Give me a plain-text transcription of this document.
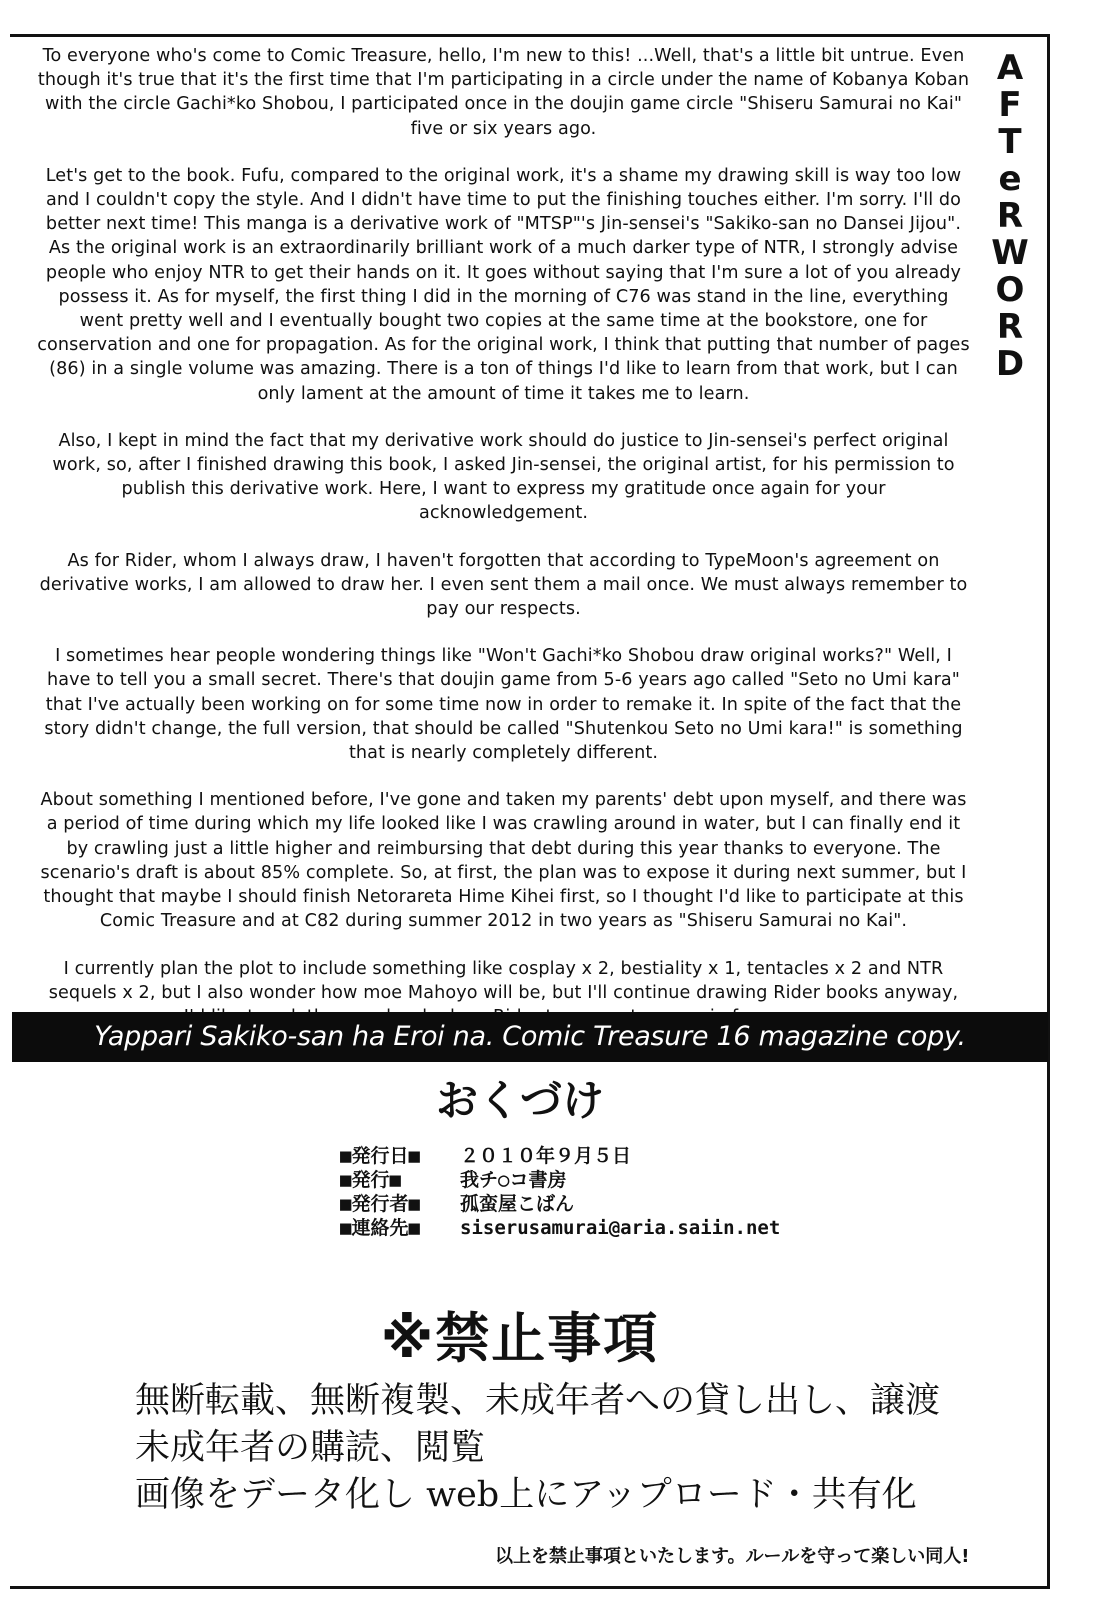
To everyone who's come to Comic Treasure, hello, I'm new to this! ...Well, that's a little bit untrue. Even though it's true that it's the first time that I'm participating in a circle under the name of Kobanya Koban with the circle Gachi*ko Shobou, I participated once in the doujin game circle "Shiseru Samurai no Kai" five or six years ago.

Let's get to the book. Fufu, compared to the original work, it's a shame my drawing skill is way too low and I couldn't copy the style. And I didn't have time to put the finishing touches either. I'm sorry. I'll do better next time! This manga is a derivative work of "MTSP"'s Jin-sensei's "Sakiko-san no Dansei Jijou". As the original work is an extraordinarily brilliant work of a much darker type of NTR, I strongly advise people who enjoy NTR to get their hands on it. It goes without saying that I'm sure a lot of you already possess it. As for myself, the first thing I did in the morning of C76 was stand in the line, everything went pretty well and I eventually bought two copies at the same time at the bookstore, one for conservation and one for propagation. As for the original work, I think that putting that number of pages (86) in a single volume was amazing. There is a ton of things I'd like to learn from that work, but I can only lament at the amount of time it takes me to learn.

Also, I kept in mind the fact that my derivative work should do justice to Jin-sensei's perfect original work, so, after I finished drawing this book, I asked Jin-sensei, the original artist, for his permission to publish this derivative work. Here, I want to express my gratitude once again for your acknowledgement.

As for Rider, whom I always draw, I haven't forgotten that according to TypeMoon's agreement on derivative works, I am allowed to draw her. I even sent them a mail once. We must always remember to pay our respects.

I sometimes hear people wondering things like "Won't Gachi*ko Shobou draw original works?" Well, I have to tell you a small secret. There's that doujin game from 5-6 years ago called "Seto no Umi kara" that I've actually been working on for some time now in order to remake it. In spite of the fact that the story didn't change, the full version, that should be called "Shutenkou Seto no Umi kara!" is something that is nearly completely different.

About something I mentioned before, I've gone and taken my parents' debt upon myself, and there was a period of time during which my life looked like I was crawling around in water, but I can finally end it by crawling just a little higher and reimbursing that debt during this year thanks to everyone. The scenario's draft is about 85% complete. So, at first, the plan was to expose it during next summer, but I thought that maybe I should finish Netorareta Hime Kihei first, so I thought I'd like to participate at this Comic Treasure and at C82 during summer 2012 in two years as "Shiseru Samurai no Kai".

I currently plan the plot to include something like cosplay x 2, bestiality x 1, tentacles x 2 and NTR sequels x 2, but I also wonder how moe Mahoyo will be, but I'll continue drawing Rider books anyway,

A
F
T
e
R
W
O
R
D
Yappari Sakiko-san ha Eroi na. Comic Treasure 16 magazine copy.
おくづけ
■発行日■	２０１０年９月５日
■発行■	我チ○コ書房
■発行者■	孤蛮屋こばん
■連絡先■	siserusamurai@aria.saiin.net
※禁止事項
無断転載、無断複製、未成年者への貸し出し、譲渡
未成年者の購読、閲覧
画像をデータ化し web上にアップロード・共有化
以上を禁止事項といたします。ルールを守って楽しい同人!
